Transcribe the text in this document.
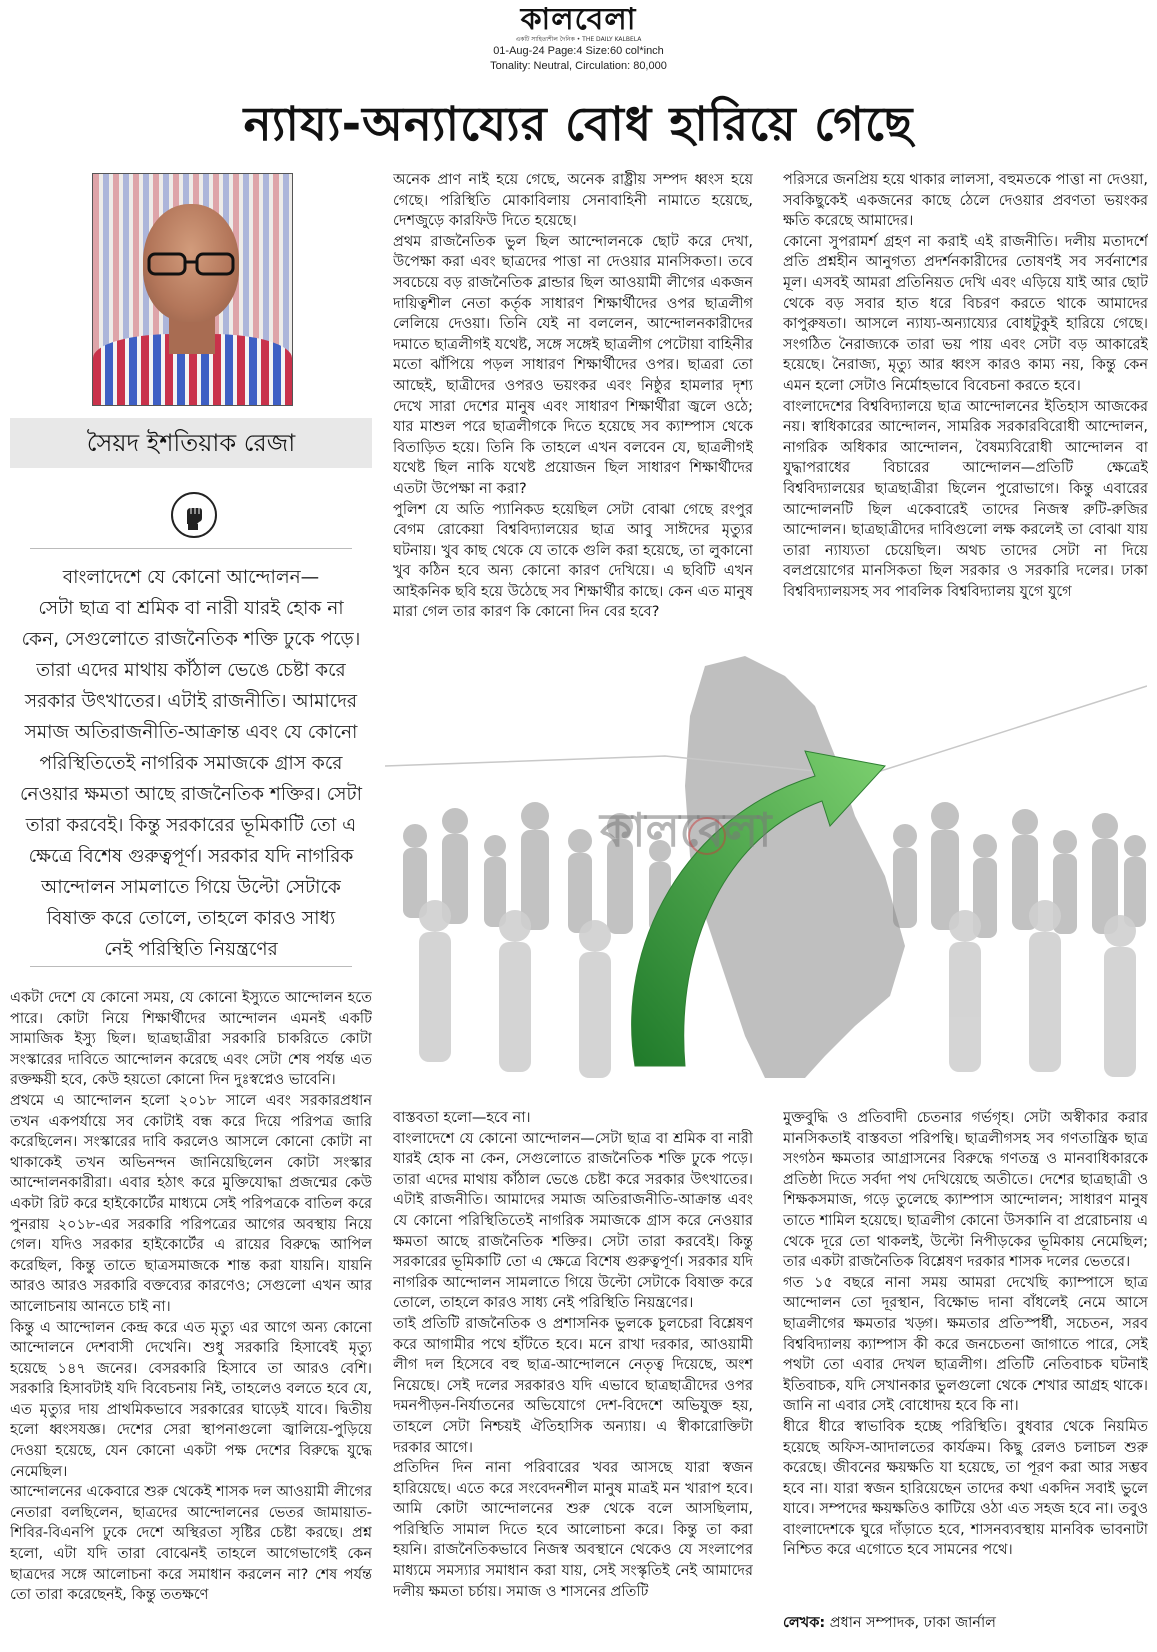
কালবেলা
একটি সাহিত্যশীল দৈনিক • THE DAILY KALBELA
01-Aug-24 Page:4 Size:60 col*inch
Tonality: Neutral, Circulation: 80,000
ন্যায্য-অন্যায্যের বোধ হারিয়ে গেছে
সৈয়দ ইশতিয়াক রেজা
বাংলাদেশে যে কোনো আন্দোলন—
সেটা ছাত্র বা শ্রমিক বা নারী যারই হোক না
কেন, সেগুলোতে রাজনৈতিক শক্তি ঢুকে পড়ে।
তারা এদের মাথায় কাঁঠাল ভেঙে চেষ্টা করে
সরকার উৎখাতের। এটাই রাজনীতি। আমাদের
সমাজ অতিরাজনীতি-আক্রান্ত এবং যে কোনো
পরিস্থিতিতেই নাগরিক সমাজকে গ্রাস করে
নেওয়ার ক্ষমতা আছে রাজনৈতিক শক্তির। সেটা
তারা করবেই। কিন্তু সরকারের ভূমিকাটি তো এ
ক্ষেত্রে বিশেষ গুরুত্বপূর্ণ। সরকার যদি নাগরিক
আন্দোলন সামলাতে গিয়ে উল্টো সেটাকে
বিষাক্ত করে তোলে, তাহলে কারও সাধ্য
নেই পরিস্থিতি নিয়ন্ত্রণের

অনেক প্রাণ নাই হয়ে গেছে, অনেক রাষ্ট্রীয় সম্পদ ধ্বংস হয়ে গেছে। পরিস্থিতি মোকাবিলায় সেনাবাহিনী নামাতে হয়েছে, দেশজুড়ে কারফিউ দিতে হয়েছে।

প্রথম রাজনৈতিক ভুল ছিল আন্দোলনকে ছোট করে দেখা, উপেক্ষা করা এবং ছাত্রদের পাত্তা না দেওয়ার মানসিকতা। তবে সবচেয়ে বড় রাজনৈতিক ব্লান্ডার ছিল আওয়ামী লীগের একজন দায়িত্বশীল নেতা কর্তৃক সাধারণ শিক্ষার্থীদের ওপর ছাত্রলীগ লেলিয়ে দেওয়া। তিনি যেই না বললেন, আন্দোলনকারীদের দমাতে ছাত্রলীগই যথেষ্ট, সঙ্গে সঙ্গেই ছাত্রলীগ পেটোয়া বাহিনীর মতো ঝাঁপিয়ে পড়ল সাধারণ শিক্ষার্থীদের ওপর। ছাত্ররা তো আছেই, ছাত্রীদের ওপরও ভয়ংকর এবং নিষ্ঠুর হামলার দৃশ্য দেখে সারা দেশের মানুষ এবং সাধারণ শিক্ষার্থীরা জ্বলে ওঠে; যার মাশুল পরে ছাত্রলীগকে দিতে হয়েছে সব ক্যাম্পাস থেকে বিতাড়িত হয়ে। তিনি কি তাহলে এখন বলবেন যে, ছাত্রলীগই যথেষ্ট ছিল নাকি যথেষ্ট প্রয়োজন ছিল সাধারণ শিক্ষার্থীদের এতটা উপেক্ষা না করা?

পুলিশ যে অতি প্যানিকড হয়েছিল সেটা বোঝা গেছে রংপুর বেগম রোকেয়া বিশ্ববিদ্যালয়ের ছাত্র আবু সাঈদের মৃত্যুর ঘটনায়। খুব কাছ থেকে যে তাকে গুলি করা হয়েছে, তা লুকানো খুব কঠিন হবে অন্য কোনো কারণ দেখিয়ে। এ ছবিটি এখন আইকনিক ছবি হয়ে উঠেছে সব শিক্ষার্থীর কাছে। কেন এত মানুষ মারা গেল তার কারণ কি কোনো দিন বের হবে?

পরিসরে জনপ্রিয় হয়ে থাকার লালসা, বহুমতকে পাত্তা না দেওয়া, সবকিছুকেই একজনের কাছে ঠেলে দেওয়ার প্রবণতা ভয়ংকর ক্ষতি করেছে আমাদের।

কোনো সুপরামর্শ গ্রহণ না করাই এই রাজনীতি। দলীয় মতাদর্শে প্রতি প্রশ্নহীন আনুগত্য প্রদর্শনকারীদের তোষণই সব সর্বনাশের মূল। এসবই আমরা প্রতিনিয়ত দেখি এবং এড়িয়ে যাই আর ছোট থেকে বড় সবার হাত ধরে বিচরণ করতে থাকে আমাদের কাপুরুষতা। আসলে ন্যায্য-অন্যায্যের বোধটুকুই হারিয়ে গেছে। সংগঠিত নৈরাজ্যকে তারা ভয় পায় এবং সেটা বড় আকারেই হয়েছে। নৈরাজ্য, মৃত্যু আর ধ্বংস কারও কাম্য নয়, কিন্তু কেন এমন হলো সেটাও নির্মোহভাবে বিবেচনা করতে হবে।

বাংলাদেশের বিশ্ববিদ্যালয়ে ছাত্র আন্দোলনের ইতিহাস আজকের নয়। স্বাধিকারের আন্দোলন, সামরিক সরকারবিরোধী আন্দোলন, নাগরিক অধিকার আন্দোলন, বৈষম্যবিরোধী আন্দোলন বা যুদ্ধাপরাধের বিচারের আন্দোলন—প্রতিটি ক্ষেত্রেই বিশ্ববিদ্যালয়ের ছাত্রছাত্রীরা ছিলেন পুরোভাগে। কিন্তু এবারের আন্দোলনটি ছিল একেবারেই তাদের নিজস্ব রুটি-রুজির আন্দোলন। ছাত্রছাত্রীদের দাবিগুলো লক্ষ করলেই তা বোঝা যায় তারা ন্যায্যতা চেয়েছিল। অথচ তাদের সেটা না দিয়ে বলপ্রয়োগের মানসিকতা ছিল সরকার ও সরকারি দলের। ঢাকা বিশ্ববিদ্যালয়সহ সব পাবলিক বিশ্ববিদ্যালয় যুগে যুগে

কালবেলা

একটা দেশে যে কোনো সময়, যে কোনো ইস্যুতে আন্দোলন হতে পারে। কোটা নিয়ে শিক্ষার্থীদের আন্দোলন এমনই একটি সামাজিক ইস্যু ছিল। ছাত্রছাত্রীরা সরকারি চাকরিতে কোটা সংস্কারের দাবিতে আন্দোলন করেছে এবং সেটা শেষ পর্যন্ত এত রক্তক্ষয়ী হবে, কেউ হয়তো কোনো দিন দুঃস্বপ্নেও ভাবেনি।

প্রথমে এ আন্দোলন হলো ২০১৮ সালে এবং সরকারপ্রধান তখন একপর্যায়ে সব কোটাই বন্ধ করে দিয়ে পরিপত্র জারি করেছিলেন। সংস্কারের দাবি করলেও আসলে কোনো কোটা না থাকাকেই তখন অভিনন্দন জানিয়েছিলেন কোটা সংস্কার আন্দোলনকারীরা। এবার হঠাৎ করে মুক্তিযোদ্ধা প্রজন্মের কেউ একটা রিট করে হাইকোর্টের মাধ্যমে সেই পরিপত্রকে বাতিল করে পুনরায় ২০১৮-এর সরকারি পরিপত্রের আগের অবস্থায় নিয়ে গেল। যদিও সরকার হাইকোর্টের এ রায়ের বিরুদ্ধে আপিল করেছিল, কিন্তু তাতে ছাত্রসমাজকে শান্ত করা যায়নি। যায়নি আরও আরও সরকারি বক্তব্যের কারণেও; সেগুলো এখন আর আলোচনায় আনতে চাই না।

কিন্তু এ আন্দোলন কেন্দ্র করে এত মৃত্যু এর আগে অন্য কোনো আন্দোলনে দেশবাসী দেখেনি। শুধু সরকারি হিসাবেই মৃত্যু হয়েছে ১৪৭ জনের। বেসরকারি হিসাবে তা আরও বেশি। সরকারি হিসাবটাই যদি বিবেচনায় নিই, তাহলেও বলতে হবে যে, এত মৃত্যুর দায় প্রাথমিকভাবে সরকারের ঘাড়েই যাবে। দ্বিতীয় হলো ধ্বংসযজ্ঞ। দেশের সেরা স্থাপনাগুলো জ্বালিয়ে-পুড়িয়ে দেওয়া হয়েছে, যেন কোনো একটা পক্ষ দেশের বিরুদ্ধে যুদ্ধে নেমেছিল।

আন্দোলনের একেবারে শুরু থেকেই শাসক দল আওয়ামী লীগের নেতারা বলছিলেন, ছাত্রদের আন্দোলনের ভেতর জামায়াত-শিবির-বিএনপি ঢুকে দেশে অস্থিরতা সৃষ্টির চেষ্টা করছে। প্রশ্ন হলো, এটা যদি তারা বোঝেনই তাহলে আগেভাগেই কেন ছাত্রদের সঙ্গে আলোচনা করে সমাধান করলেন না? শেষ পর্যন্ত তো তারা করেছেনই, কিন্তু ততক্ষণে

বাস্তবতা হলো—হবে না।

বাংলাদেশে যে কোনো আন্দোলন—সেটা ছাত্র বা শ্রমিক বা নারী যারই হোক না কেন, সেগুলোতে রাজনৈতিক শক্তি ঢুকে পড়ে। তারা এদের মাথায় কাঁঠাল ভেঙে চেষ্টা করে সরকার উৎখাতের। এটাই রাজনীতি। আমাদের সমাজ অতিরাজনীতি-আক্রান্ত এবং যে কোনো পরিস্থিতিতেই নাগরিক সমাজকে গ্রাস করে নেওয়ার ক্ষমতা আছে রাজনৈতিক শক্তির। সেটা তারা করবেই। কিন্তু সরকারের ভূমিকাটি তো এ ক্ষেত্রে বিশেষ গুরুত্বপূর্ণ। সরকার যদি নাগরিক আন্দোলন সামলাতে গিয়ে উল্টো সেটাকে বিষাক্ত করে তোলে, তাহলে কারও সাধ্য নেই পরিস্থিতি নিয়ন্ত্রণের।

তাই প্রতিটি রাজনৈতিক ও প্রশাসনিক ভুলকে চুলচেরা বিশ্লেষণ করে আগামীর পথে হাঁটতে হবে। মনে রাখা দরকার, আওয়ামী লীগ দল হিসেবে বহু ছাত্র-আন্দোলনে নেতৃত্ব দিয়েছে, অংশ নিয়েছে। সেই দলের সরকারও যদি এভাবে ছাত্রছাত্রীদের ওপর দমনপীড়ন-নির্যাতনের অভিযোগে দেশ-বিদেশে অভিযুক্ত হয়, তাহলে সেটা নিশ্চয়ই ঐতিহাসিক অন্যায়। এ স্বীকারোক্তিটা দরকার আগে।

প্রতিদিন দিন নানা পরিবারের খবর আসছে যারা স্বজন হারিয়েছে। এতে করে সংবেদনশীল মানুষ মাত্রই মন খারাপ হবে। আমি কোটা আন্দোলনের শুরু থেকে বলে আসছিলাম, পরিস্থিতি সামাল দিতে হবে আলোচনা করে। কিন্তু তা করা হয়নি। রাজনৈতিকভাবে নিজস্ব অবস্থানে থেকেও যে সংলাপের মাধ্যমে সমস্যার সমাধান করা যায়, সেই সংস্কৃতিই নেই আমাদের দলীয় ক্ষমতা চর্চায়। সমাজ ও শাসনের প্রতিটি

মুক্তবুদ্ধি ও প্রতিবাদী চেতনার গর্ভগৃহ। সেটা অস্বীকার করার মানসিকতাই বাস্তবতা পরিপন্থি। ছাত্রলীগসহ সব গণতান্ত্রিক ছাত্র সংগঠন ক্ষমতার আগ্রাসনের বিরুদ্ধে গণতন্ত্র ও মানবাধিকারকে প্রতিষ্ঠা দিতে সর্বদা পথ দেখিয়েছে অতীতে। দেশের ছাত্রছাত্রী ও শিক্ষকসমাজ, গড়ে তুলেছে ক্যাম্পাস আন্দোলন; সাধারণ মানুষ তাতে শামিল হয়েছে। ছাত্রলীগ কোনো উসকানি বা প্ররোচনায় এ থেকে দূরে তো থাকলই, উল্টো নিপীড়কের ভূমিকায় নেমেছিল; তার একটা রাজনৈতিক বিশ্লেষণ দরকার শাসক দলের ভেতরে।

গত ১৫ বছরে নানা সময় আমরা দেখেছি ক্যাম্পাসে ছাত্র আন্দোলন তো দূরস্থান, বিক্ষোভ দানা বাঁধলেই নেমে আসে ছাত্রলীগের ক্ষমতার খড়্গ। ক্ষমতার প্রতিস্পর্ধী, সচেতন, সরব বিশ্ববিদ্যালয় ক্যাম্পাস কী করে জনচেতনা জাগাতে পারে, সেই পথটা তো এবার দেখল ছাত্রলীগ। প্রতিটি নেতিবাচক ঘটনাই ইতিবাচক, যদি সেখানকার ভুলগুলো থেকে শেখার আগ্রহ থাকে। জানি না এবার সেই বোধোদয় হবে কি না।

ধীরে ধীরে স্বাভাবিক হচ্ছে পরিস্থিতি। বুধবার থেকে নিয়মিত হয়েছে অফিস-আদালতের কার্যক্রম। কিছু রেলও চলাচল শুরু করেছে। জীবনের ক্ষয়ক্ষতি যা হয়েছে, তা পূরণ করা আর সম্ভব হবে না। যারা স্বজন হারিয়েছেন তাদের কথা একদিন সবাই ভুলে যাবে। সম্পদের ক্ষয়ক্ষতিও কাটিয়ে ওঠা এত সহজ হবে না। তবুও বাংলাদেশকে ঘুরে দাঁড়াতে হবে, শাসনব্যবস্থায় মানবিক ভাবনাটা নিশ্চিত করে এগোতে হবে সামনের পথে।

লেখক: প্রধান সম্পাদক, ঢাকা জার্নাল
